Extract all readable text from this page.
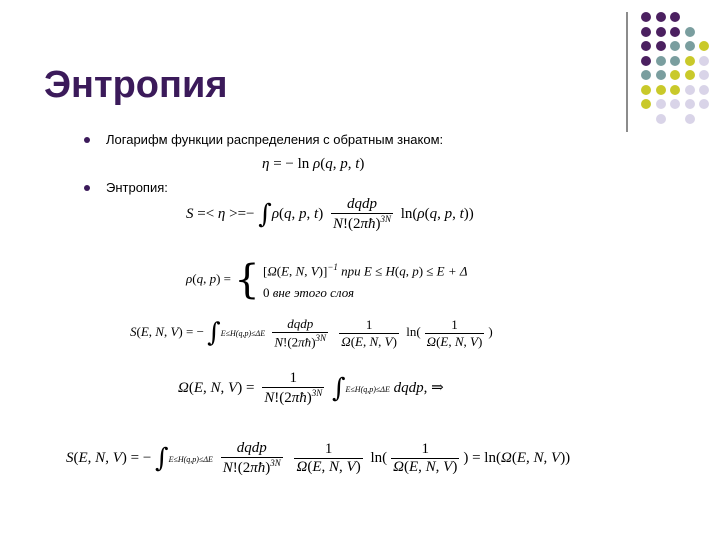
Энтропия
Логарифм функции распределения с обратным знаком:
η = − ln ρ(q, p, t)
Энтропия:
S =< η >=− ∫ρ(q, p, $t) \frac{\text{dqdp}}{N!(2\pi ħ)^{3N}} \ln(\rho(q$, p, t))
ρ(q, p) = { [Ω(E, N, V)]$^{-1}$ при E ≤ H(q, p) ≤ E + Δ
0 вне этого слоя
S(E, N, V) = − $\int E\le H(q,p)\le\Delta E \frac{\text{dqdp}}{N!(2\pi ħ)^{3N}}$
$\frac{1}{\Omega(E, N, V)} \ln( \frac{1}{\Omega(E, N, V)}$ )
Ω(E, N, $V) = \frac{1}{N!(2\pi ħ)^{3N}} \int E\le H(q,p)\le\Delta E$ dqdp, ⇒
S(E, N, V) = − $\int E\le H(q,p)\le\Delta E \frac{\text{dqdp}}{N!(2\pi ħ)^{3N}}$
$\frac{1}{\Omega(E, N, V)} \ln( \frac{1}{\Omega(E, N, V)}$ ) = ln(Ω(E, N, V))
